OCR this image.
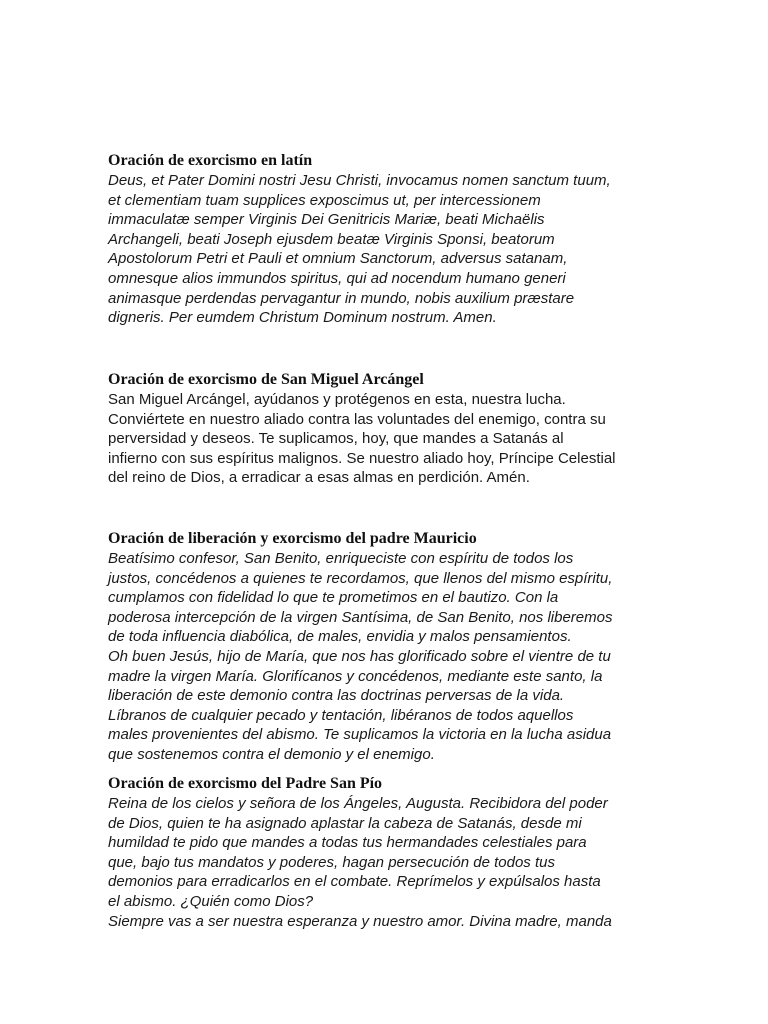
Oración de exorcismo en latín
Deus, et Pater Domini nostri Jesu Christi, invocamus nomen sanctum tuum,
et clementiam tuam supplices exposcimus ut, per intercessionem
immaculatæ semper Virginis Dei Genitricis Mariæ, beati Michaëlis
Archangeli, beati Joseph ejusdem beatæ Virginis Sponsi, beatorum
Apostolorum Petri et Pauli et omnium Sanctorum, adversus satanam,
omnesque alios immundos spiritus, qui ad nocendum humano generi
animasque perdendas pervagantur in mundo, nobis auxilium præstare
digneris. Per eumdem Christum Dominum nostrum. Amen.
Oración de exorcismo de San Miguel Arcángel
San Miguel Arcángel, ayúdanos y protégenos en esta, nuestra lucha.
Conviértete en nuestro aliado contra las voluntades del enemigo, contra su
perversidad y deseos. Te suplicamos, hoy, que mandes a Satanás al
infierno con sus espíritus malignos. Se nuestro aliado hoy, Príncipe Celestial
del reino de Dios, a erradicar a esas almas en perdición. Amén.
Oración de liberación y exorcismo del padre Mauricio
Beatísimo confesor, San Benito, enriqueciste con espíritu de todos los
justos, concédenos a quienes te recordamos, que llenos del mismo espíritu,
cumplamos con fidelidad lo que te prometimos en el bautizo. Con la
poderosa intercepción de la virgen Santísima, de San Benito, nos liberemos
de toda influencia diabólica, de males, envidia y malos pensamientos.
Oh buen Jesús, hijo de María, que nos has glorificado sobre el vientre de tu
madre la virgen María. Glorifícanos y concédenos, mediante este santo, la
liberación de este demonio contra las doctrinas perversas de la vida.
Líbranos de cualquier pecado y tentación, libéranos de todos aquellos
males provenientes del abismo. Te suplicamos la victoria en la lucha asidua
que sostenemos contra el demonio y el enemigo.
Oración de exorcismo del Padre San Pío
Reina de los cielos y señora de los Ángeles, Augusta. Recibidora del poder
de Dios, quien te ha asignado aplastar la cabeza de Satanás, desde mi
humildad te pido que mandes a todas tus hermandades celestiales para
que, bajo tus mandatos y poderes, hagan persecución de todos tus
demonios para erradicarlos en el combate. Reprímelos y expúlsalos hasta
el abismo. ¿Quién como Dios?
Siempre vas a ser nuestra esperanza y nuestro amor. Divina madre, manda
